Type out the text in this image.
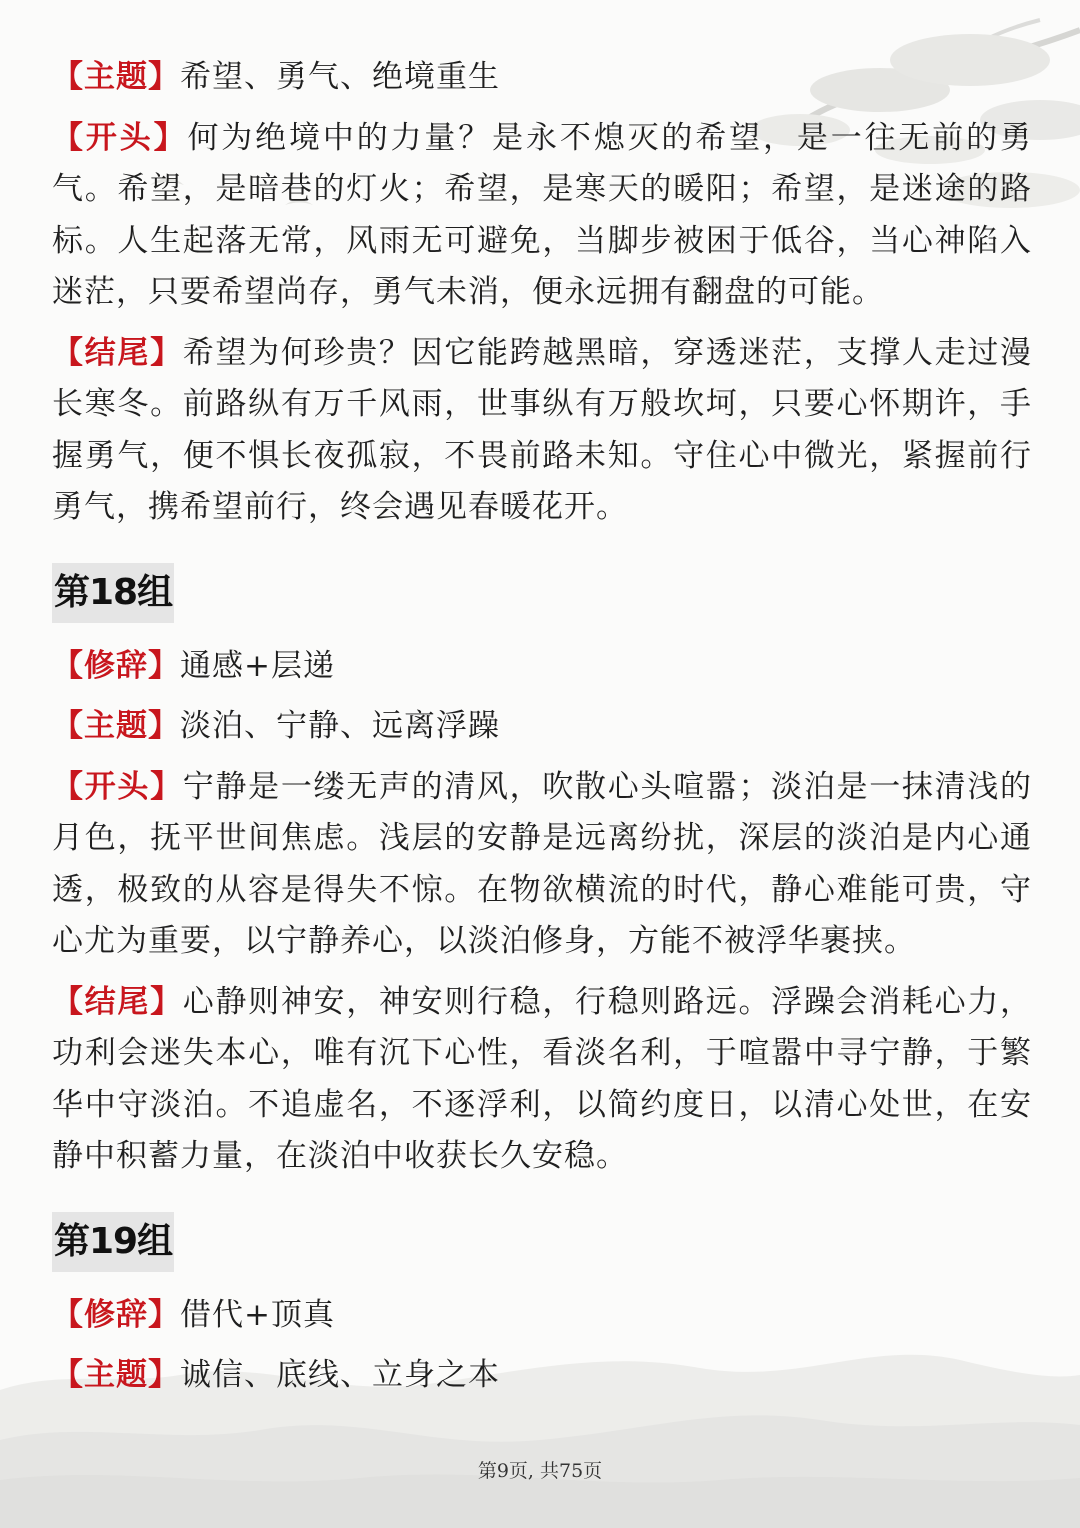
【主题】希望、勇气、绝境重生

【开头】何为绝境中的力量？是永不熄灭的希望，是一往无前的勇气。希望，是暗巷的灯火；希望，是寒天的暖阳；希望，是迷途的路标。人生起落无常，风雨无可避免，当脚步被困于低谷，当心神陷入迷茫，只要希望尚存，勇气未消，便永远拥有翻盘的可能。

【结尾】希望为何珍贵？因它能跨越黑暗，穿透迷茫，支撑人走过漫长寒冬。前路纵有万千风雨，世事纵有万般坎坷，只要心怀期许，手握勇气，便不惧长夜孤寂，不畏前路未知。守住心中微光，紧握前行勇气，携希望前行，终会遇见春暖花开。

第18组

【修辞】通感+层递

【主题】淡泊、宁静、远离浮躁

【开头】宁静是一缕无声的清风，吹散心头喧嚣；淡泊是一抹清浅的月色，抚平世间焦虑。浅层的安静是远离纷扰，深层的淡泊是内心通透，极致的从容是得失不惊。在物欲横流的时代，静心难能可贵，守心尤为重要，以宁静养心，以淡泊修身，方能不被浮华裹挟。

【结尾】心静则神安，神安则行稳，行稳则路远。浮躁会消耗心力，功利会迷失本心，唯有沉下心性，看淡名利，于喧嚣中寻宁静，于繁华中守淡泊。不追虚名，不逐浮利，以简约度日，以清心处世，在安静中积蓄力量，在淡泊中收获长久安稳。

第19组

【修辞】借代+顶真

【主题】诚信、底线、立身之本

第9页, 共75页
